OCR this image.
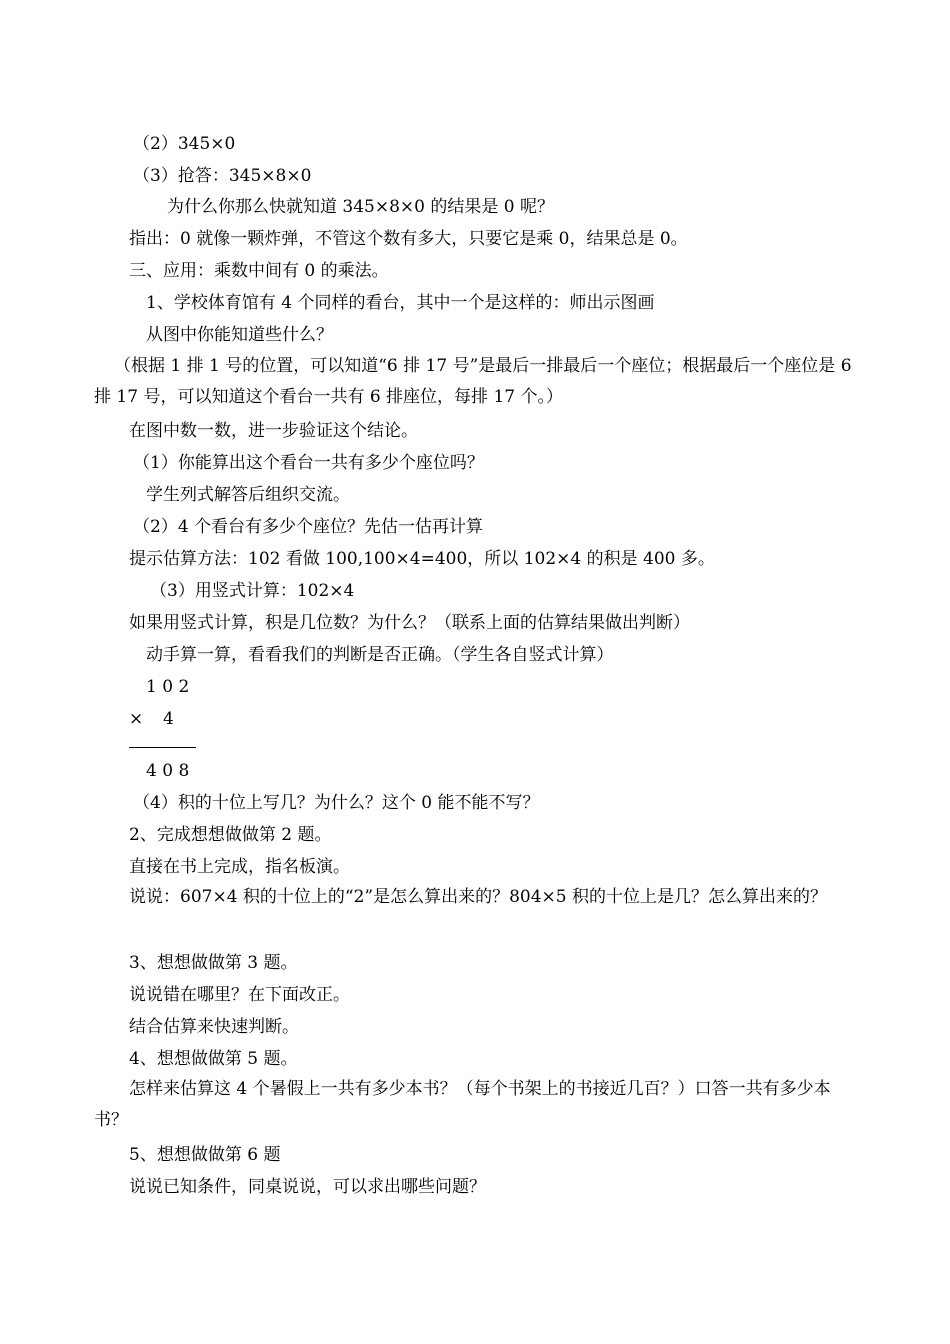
（2）345×0
（3）抢答：345×8×0
为什么你那么快就知道 345×8×0 的结果是 0 呢？
指出：0 就像一颗炸弹，不管这个数有多大，只要它是乘 0，结果总是 0。
三、应用：乘数中间有 0 的乘法。
1、学校体育馆有 4 个同样的看台，其中一个是这样的：师出示图画
从图中你能知道些什么？
（根据 1 排 1 号的位置，可以知道“6 排 17 号”是最后一排最后一个座位；根据最后一个座位是 6 排 17 号，可以知道这个看台一共有 6 排座位，每排 17 个。）
在图中数一数，进一步验证这个结论。
（1）你能算出这个看台一共有多少个座位吗？
学生列式解答后组织交流。
（2）4 个看台有多少个座位？先估一估再计算
提示估算方法：102 看做 100,100×4=400，所以 102×4 的积是 400 多。
（3）用竖式计算：102×4
如果用竖式计算，积是几位数？为什么？（联系上面的估算结果做出判断）
动手算一算，看看我们的判断是否正确。（学生各自竖式计算）
1 0 2
× 4
4 0 8
（4）积的十位上写几？为什么？这个 0 能不能不写？
2、完成想想做做第 2 题。
直接在书上完成，指名板演。
说说：607×4 积的十位上的“2”是怎么算出来的？804×5 积的十位上是几？怎么算出来的？
3、想想做做第 3 题。
说说错在哪里？在下面改正。
结合估算来快速判断。
4、想想做做第 5 题。
怎样来估算这 4 个暑假上一共有多少本书？（每个书架上的书接近几百？）口答一共有多少本书？
5、想想做做第 6 题
说说已知条件，同桌说说，可以求出哪些问题？
